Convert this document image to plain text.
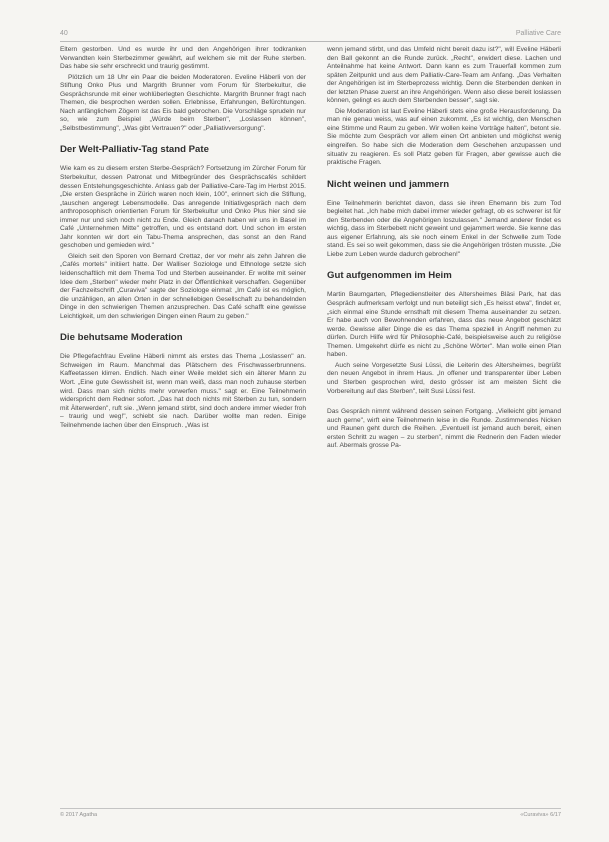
40	Palliative Care

Eltern gestorben. Und es wurde ihr und den Angehörigen ihrer todkranken Verwandten kein Sterbezimmer gewährt, auf welchem sie mit der Ruhe sterben. Das habe sie sehr erschreckt und traurig gestimmt.

Plötzlich um 18 Uhr ein Paar die beiden Moderatoren. Eveline Häberli von der Stiftung Onko Plus und Margrith Brunner vom Forum für Sterbekultur, die Gesprächsrunde mit einer wohlüberlegten Geschichte. Margrith Brunner fragt nach Themen, die besprochen werden sollen. Erlebnisse, Erfahrungen, Befürchtungen. Nach anfänglichem Zögern ist das Eis bald gebrochen. Die Vorschläge sprudeln nur so, wie zum Beispiel „Würde beim Sterben", „Loslassen können", „Selbstbestimmung", „Was gibt Vertrauen?" oder „Palliativversorgung".

Der Welt-Palliativ-Tag stand Pate

Wie kam es zu diesem ersten Sterbe-Gespräch? Fortsetzung im Zürcher Forum für Sterbekultur, dessen Patronat und Mitbegründer des Gesprächscafés schildert dessen Entstehungsgeschichte. Anlass gab der Palliative-Care-Tag im Herbst 2015. „Die ersten Gespräche in Zürich waren noch klein, 100", erinnert sich die Stiftung, „tauschen angeregt Lebensmodelle. Das anregende Initiativgespräch nach dem anthroposophisch orientierten Forum für Sterbekultur und Onko Plus hier sind sie immer nur und sich noch nicht zu Ende. Gleich danach haben wir uns in Basel im Café „Unternehmen Mitte" getroffen, und es entstand dort. Und schon im ersten Jahr konnten wir dort ein Tabu-Thema ansprechen, das sonst an den Rand geschoben und gemieden wird."

Gleich seit den Sporen von Bernard Crettaz, der vor mehr als zehn Jahren die „Cafés mortels" initiiert hatte. Der Walliser Soziologe und Ethnologe setzte sich leidenschaftlich mit dem Thema Tod und Sterben auseinander. Er wollte mit seiner Idee dem „Sterben" wieder mehr Platz in der Öffentlichkeit verschaffen. Gegenüber der Fachzeitschrift „Curaviva" sagte der Soziologe einmal: „Im Café ist es möglich, die unzähligen, an allen Orten in der schnellebigen Gesellschaft zu behandelnden Dinge in den schwierigen Themen anzusprechen. Das Café schafft eine gewisse Leichtigkeit, um den schwierigen Dingen einen Raum zu geben."

Die behutsame Moderation

Die Pflegefachfrau Eveline Häberli nimmt als erstes das Thema „Loslassen" an. Schweigen im Raum. Manchmal das Plätschern des Frischwasserbrunnens. Kaffeetassen klirren. Endlich. Nach einer Weile meldet sich ein älterer Mann zu Wort. „Eine gute Gewissheit ist, wenn man weiß, dass man noch zuhause sterben wird. Dass man sich nichts mehr vorwerfen muss." sagt er. Eine Teilnehmerin widerspricht dem Redner sofort. „Das hat doch nichts mit Sterben zu tun, sondern mit Älterwerden", ruft sie. „Wenn jemand stirbt, sind doch andere immer wieder froh – traurig und weg!", schiebt sie nach. Darüber wollte man reden. Einige Teilnehmende lachen über den Einspruch. „Was ist

wenn jemand stirbt, und das Umfeld nicht bereit dazu ist?", will Eveline Häberli den Ball gekonnt an die Runde zurück. „Recht", erwidert diese. Lachen und Anteilnahme hat keine Antwort. Dann kann es zum Trauerfall kommen zum späten Zeitpunkt und aus dem Palliativ-Care-Team am Anfang. „Das Verhalten der Angehörigen ist im Sterbeprozess wichtig. Denn die Sterbenden denken in der letzten Phase zuerst an ihre Angehörigen. Wenn also diese bereit loslassen können, gelingt es auch dem Sterbenden besser", sagt sie.

Die Moderation ist laut Eveline Häberli stets eine große Herausforderung. Da man nie genau weiss, was auf einen zukommt. „Es ist wichtig, den Menschen eine Stimme und Raum zu geben. Wir wollen keine Vorträge halten", betont sie. Sie möchte zum Gespräch vor allem einen Ort anbieten und möglichst wenig eingreifen. So habe sich die Moderation dem Geschehen anzupassen und situativ zu reagieren. Es soll Platz geben für Fragen, aber gewisse auch die praktische Fragen.

Nicht weinen und jammern

Eine Teilnehmerin berichtet davon, dass sie ihren Ehemann bis zum Tod begleitet hat. „Ich habe mich dabei immer wieder gefragt, ob es schwerer ist für den Sterbenden oder die Angehörigen loszulassen." Jemand anderer findet es wichtig, dass im Sterbebett nicht geweint und gejammert werde. Sie kenne das aus eigener Erfahrung, als sie noch einem Enkel in der Schwelle zum Tode stand. Es sei so weit gekommen, dass sie die Angehörigen trösten musste. „Die Liebe zum Leben wurde dadurch gebrochen!"

Gut aufgenommen im Heim

Martin Baumgarten, Pflegedienstleiter des Altersheimes Bläsi Park, hat das Gespräch aufmerksam verfolgt und nun beteiligt sich „Es heisst etwa", findet er, „sich einmal eine Stunde ernsthaft mit diesem Thema auseinander zu setzen. Er habe auch von Bewohnenden erfahren, dass das neue Angebot geschätzt werde. Gewisse aller Dinge die es das Thema speziell in Angriff nehmen zu dürfen. Durch Hilfe wird für Philosophie-Café, beispielsweise auch zu religiöse Themen. Umgekehrt dürfe es nicht zu „Schöne Wörter". Man wolle einen Plan haben.

Auch seine Vorgesetzte Susi Lüssi, die Leiterin des Altersheimes, begrüßt den neuen Angebot in ihrem Haus. „In offener und transparenter über Leben und Sterben gesprochen wird, desto grösser ist am meisten Sicht die Vorbereitung auf das Sterben", teilt Susi Lüssi fest.

Das Gespräch nimmt während dessen seinen Fortgang. „Vielleicht gibt jemand auch gerne", wirft eine Teilnehmerin leise in die Runde. Zustimmendes Nicken und Raunen geht durch die Reihen. „Eventuell ist jemand auch bereit, einen ersten Schritt zu wagen – zu sterben", nimmt die Rednerin den Faden wieder auf. Abermals grosse Pa-

© 2017 Agatha	«Curaviva» 6/17
